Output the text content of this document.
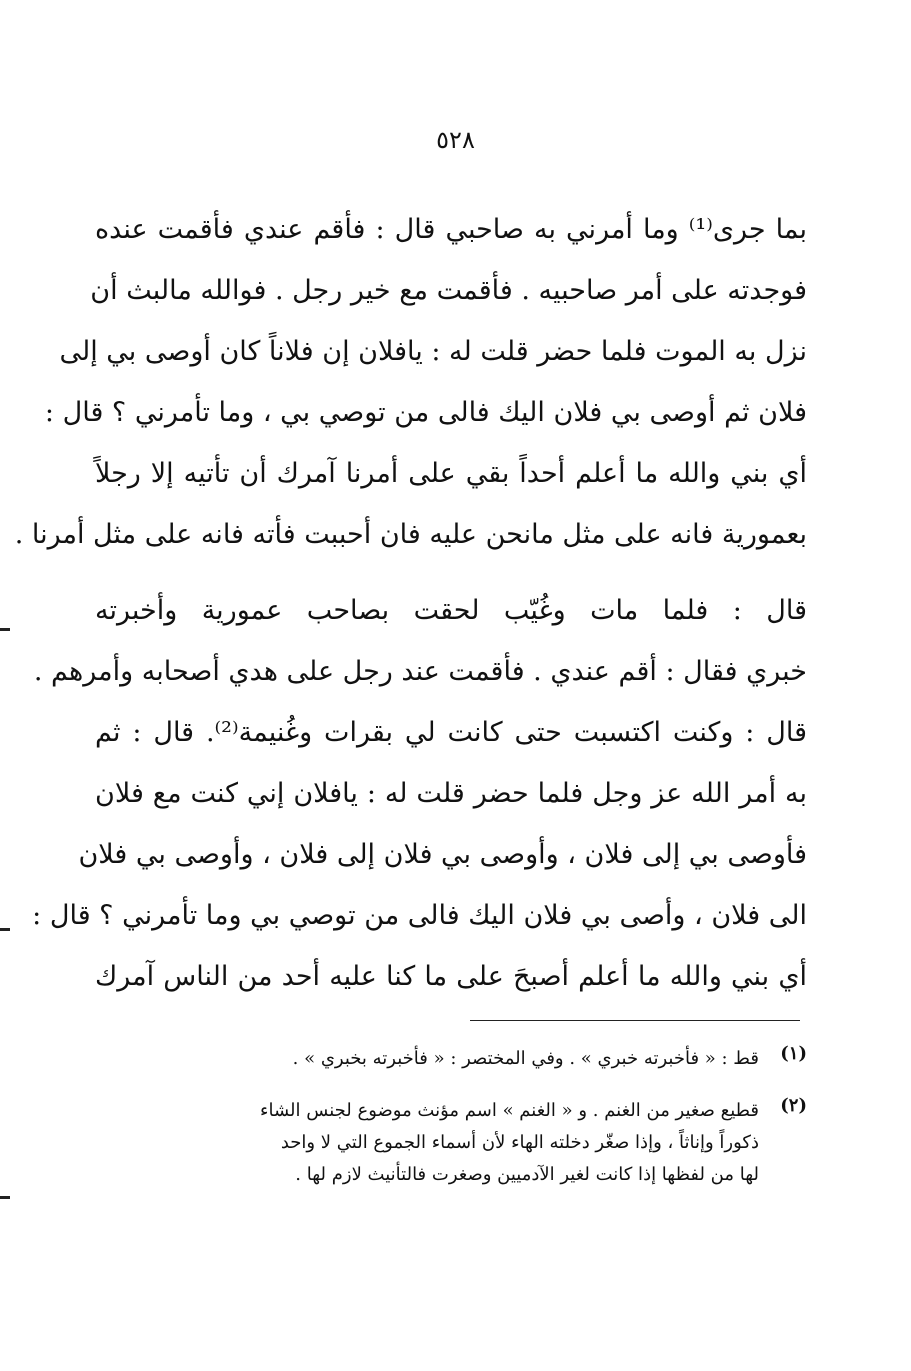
٥٢٨
بما جرى⁽¹⁾ وما أمرني به صاحبي قال : فأقم عندي فأقمت عنده
فوجدته على أمر صاحبيه . فأقمت مع خير رجل . فوالله مالبث أن
نزل به الموت فلما حضر قلت له : يافلان إن فلاناً كان أوصى بي إلى
فلان ثم أوصى بي فلان اليك فالى من توصي بي ، وما تأمرني ؟ قال :
أي بني والله ما أعلم أحداً بقي على أمرنا آمرك أن تأتيه إلا رجلاً
بعمورية فانه على مثل مانحن عليه فان أحببت فأته فانه على مثل أمرنا .
قال : فلما مات وغُيّب لحقت بصاحب عمورية وأخبرته
خبري فقال : أقم عندي . فأقمت عند رجل على هدي أصحابه وأمرهم .
قال : وكنت اكتسبت حتى كانت لي بقرات وغُنيمة⁽²⁾. قال : ثم
به أمر الله عز وجل فلما حضر قلت له : يافلان إني كنت مع فلان
فأوصى بي إلى فلان ، وأوصى بي فلان إلى فلان ، وأوصى بي فلان
الى فلان ، وأصى بي فلان اليك فالى من توصي بي وما تأمرني ؟ قال :
أي بني والله ما أعلم أصبحَ على ما كنا عليه أحد من الناس آمرك
(١)
قط : « فأخبرته خبري » . وفي المختصر : « فأخبرته بخبري » .
(٢)
قطيع صغير من الغنم . و « الغنم » اسم مؤنث موضوع لجنس الشاء
ذكوراً وإناثاً ، وإذا صغّر دخلته الهاء لأن أسماء الجموع التي لا واحد
لها من لفظها إذا كانت لغير الآدميين وصغرت فالتأنيث لازم لها .
